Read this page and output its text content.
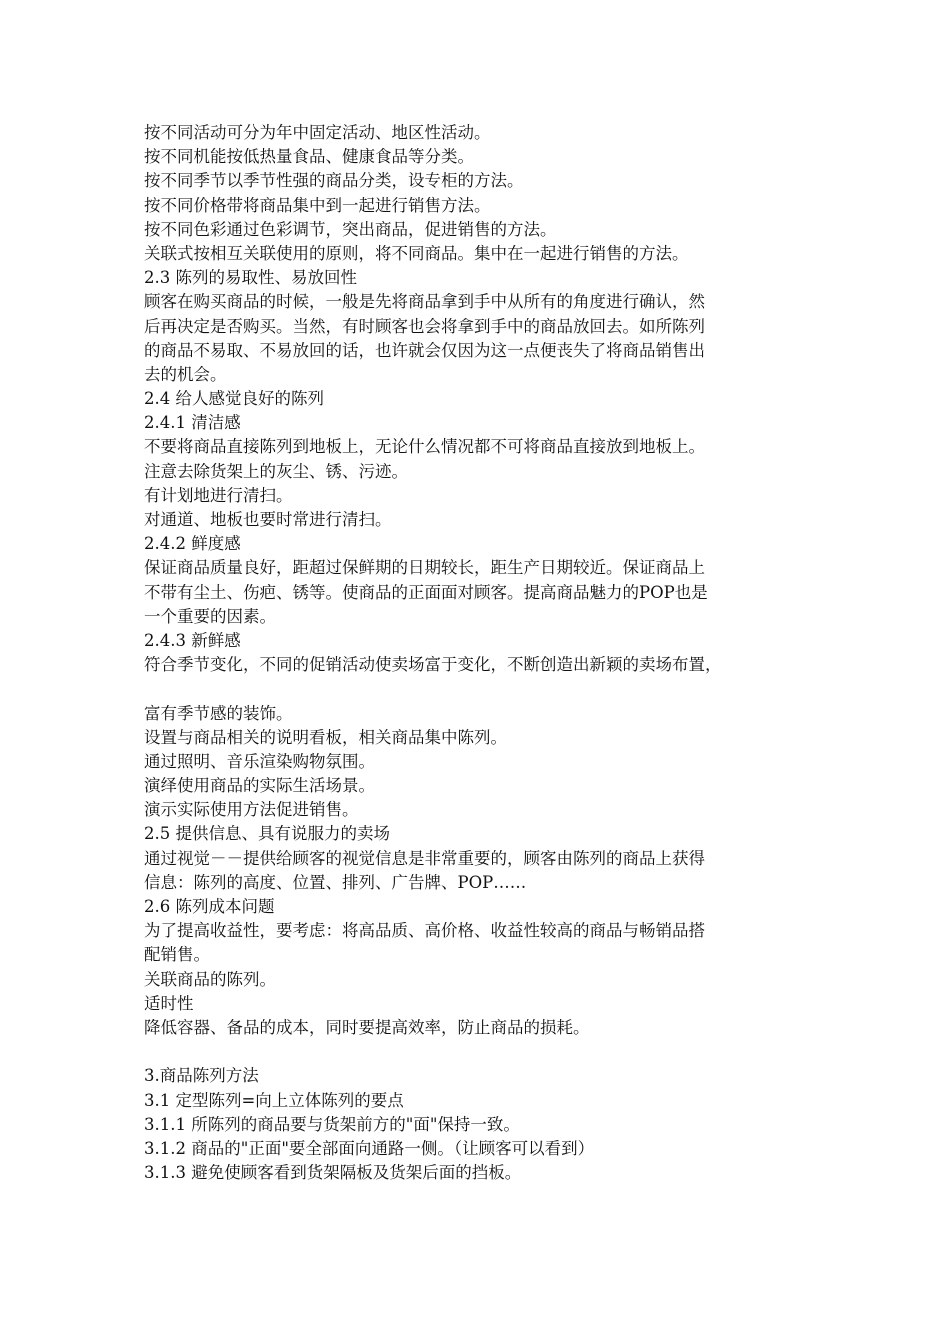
按不同活动可分为年中固定活动、地区性活动。

按不同机能按低热量食品、健康食品等分类。

按不同季节以季节性强的商品分类，设专柜的方法。

按不同价格带将商品集中到一起进行销售方法。

按不同色彩通过色彩调节，突出商品，促进销售的方法。

关联式按相互关联使用的原则，将不同商品。集中在一起进行销售的方法。

2.3 陈列的易取性、易放回性

顾客在购买商品的时候，一般是先将商品拿到手中从所有的角度进行确认，然

后再决定是否购买。当然，有时顾客也会将拿到手中的商品放回去。如所陈列

的商品不易取、不易放回的话，也许就会仅因为这一点便丧失了将商品销售出

去的机会。

2.4 给人感觉良好的陈列

2.4.1 清洁感

不要将商品直接陈列到地板上，无论什么情况都不可将商品直接放到地板上。

注意去除货架上的灰尘、锈、污迹。

有计划地进行清扫。

对通道、地板也要时常进行清扫。

2.4.2 鲜度感

保证商品质量良好，距超过保鲜期的日期较长，距生产日期较近。保证商品上

不带有尘土、伤疤、锈等。使商品的正面面对顾客。提高商品魅力的POP也是

一个重要的因素。

2.4.3 新鲜感

符合季节变化，不同的促销活动使卖场富于变化，不断创造出新颖的卖场布置，

富有季节感的装饰。

设置与商品相关的说明看板，相关商品集中陈列。

通过照明、音乐渲染购物氛围。

演绎使用商品的实际生活场景。

演示实际使用方法促进销售。

2.5 提供信息、具有说服力的卖场

通过视觉－－提供给顾客的视觉信息是非常重要的，顾客由陈列的商品上获得

信息：陈列的高度、位置、排列、广告牌、POP……

2.6 陈列成本问题

为了提高收益性，要考虑：将高品质、高价格、收益性较高的商品与畅销品搭

配销售。

关联商品的陈列。

适时性

降低容器、备品的成本，同时要提高效率，防止商品的损耗。

3.商品陈列方法

3.1 定型陈列=向上立体陈列的要点

3.1.1 所陈列的商品要与货架前方的"面"保持一致。

3.1.2 商品的"正面"要全部面向通路一侧。（让顾客可以看到）

3.1.3 避免使顾客看到货架隔板及货架后面的挡板。
